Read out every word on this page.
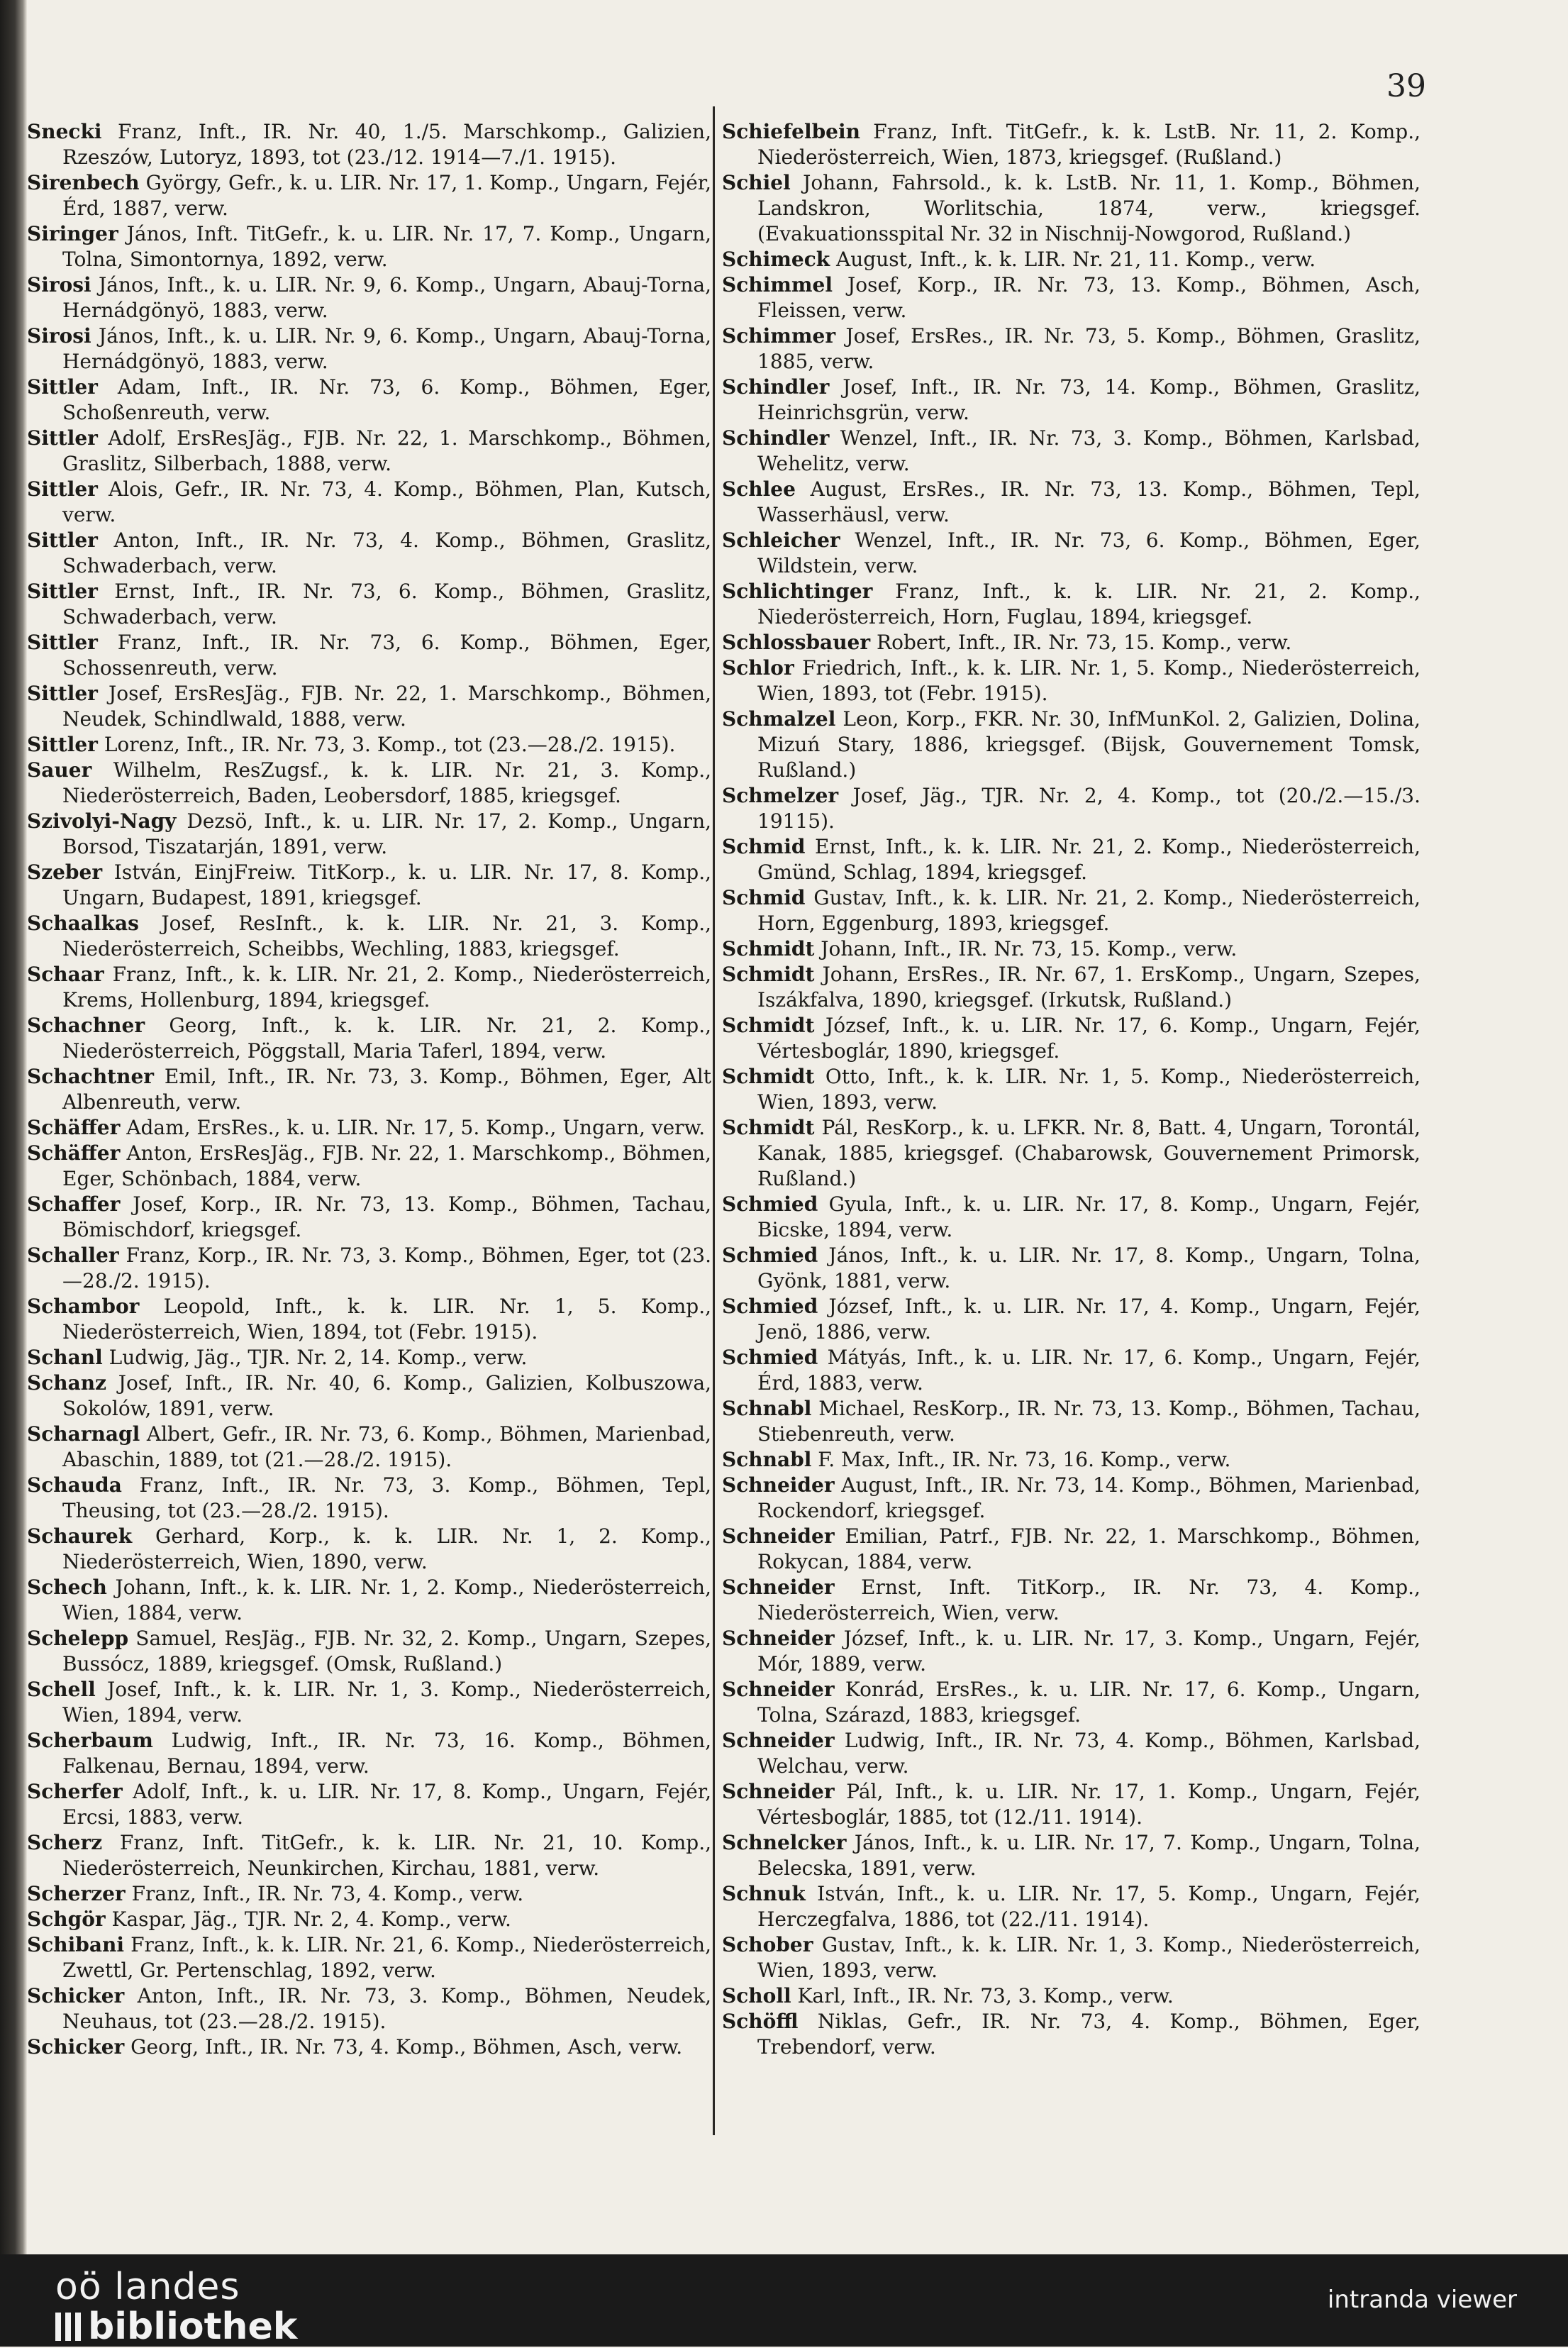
39
Snecki Franz, Inft., IR. Nr. 40, 1./5. Marschkomp., Galizien, Rzeszów, Lutoryz, 1893, tot (23./12. 1914—7./1. 1915).
Sirenbech György, Gefr., k. u. LIR. Nr. 17, 1. Komp., Ungarn, Fejér, Érd, 1887, verw.
Siringer János, Inft. TitGefr., k. u. LIR. Nr. 17, 7. Komp., Ungarn, Tolna, Simontornya, 1892, verw.
Sirosi János, Inft., k. u. LIR. Nr. 9, 6. Komp., Ungarn, Abauj-Torna, Hernádgönyö, 1883, verw.
Sirosi János, Inft., k. u. LIR. Nr. 9, 6. Komp., Ungarn, Abauj-Torna, Hernádgönyö, 1883, verw.
Sittler Adam, Inft., IR. Nr. 73, 6. Komp., Böhmen, Eger, Schoßenreuth, verw.
Sittler Adolf, ErsResJäg., FJB. Nr. 22, 1. Marschkomp., Böhmen, Graslitz, Silberbach, 1888, verw.
Sittler Alois, Gefr., IR. Nr. 73, 4. Komp., Böhmen, Plan, Kutsch, verw.
Sittler Anton, Inft., IR. Nr. 73, 4. Komp., Böhmen, Graslitz, Schwaderbach, verw.
Sittler Ernst, Inft., IR. Nr. 73, 6. Komp., Böhmen, Graslitz, Schwaderbach, verw.
Sittler Franz, Inft., IR. Nr. 73, 6. Komp., Böhmen, Eger, Schossenreuth, verw.
Sittler Josef, ErsResJäg., FJB. Nr. 22, 1. Marschkomp., Böhmen, Neudek, Schindlwald, 1888, verw.
Sittler Lorenz, Inft., IR. Nr. 73, 3. Komp., tot (23.—28./2. 1915).
Sauer Wilhelm, ResZugsf., k. k. LIR. Nr. 21, 3. Komp., Niederösterreich, Baden, Leobersdorf, 1885, kriegsgef.
Szivolyi-Nagy Dezsö, Inft., k. u. LIR. Nr. 17, 2. Komp., Ungarn, Borsod, Tiszatarján, 1891, verw.
Szeber István, EinjFreiw. TitKorp., k. u. LIR. Nr. 17, 8. Komp., Ungarn, Budapest, 1891, kriegsgef.
Schaalkas Josef, ResInft., k. k. LIR. Nr. 21, 3. Komp., Niederösterreich, Scheibbs, Wechling, 1883, kriegsgef.
Schaar Franz, Inft., k. k. LIR. Nr. 21, 2. Komp., Niederösterreich, Krems, Hollenburg, 1894, kriegsgef.
Schachner Georg, Inft., k. k. LIR. Nr. 21, 2. Komp., Niederösterreich, Pöggstall, Maria Taferl, 1894, verw.
Schachtner Emil, Inft., IR. Nr. 73, 3. Komp., Böhmen, Eger, Alt Albenreuth, verw.
Schäffer Adam, ErsRes., k. u. LIR. Nr. 17, 5. Komp., Ungarn, verw.
Schäffer Anton, ErsResJäg., FJB. Nr. 22, 1. Marschkomp., Böhmen, Eger, Schönbach, 1884, verw.
Schaffer Josef, Korp., IR. Nr. 73, 13. Komp., Böhmen, Tachau, Bömischdorf, kriegsgef.
Schaller Franz, Korp., IR. Nr. 73, 3. Komp., Böhmen, Eger, tot (23.—28./2. 1915).
Schambor Leopold, Inft., k. k. LIR. Nr. 1, 5. Komp., Niederösterreich, Wien, 1894, tot (Febr. 1915).
Schanl Ludwig, Jäg., TJR. Nr. 2, 14. Komp., verw.
Schanz Josef, Inft., IR. Nr. 40, 6. Komp., Galizien, Kolbuszowa, Sokolów, 1891, verw.
Scharnagl Albert, Gefr., IR. Nr. 73, 6. Komp., Böhmen, Marienbad, Abaschin, 1889, tot (21.—28./2. 1915).
Schauda Franz, Inft., IR. Nr. 73, 3. Komp., Böhmen, Tepl, Theusing, tot (23.—28./2. 1915).
Schaurek Gerhard, Korp., k. k. LIR. Nr. 1, 2. Komp., Niederösterreich, Wien, 1890, verw.
Schech Johann, Inft., k. k. LIR. Nr. 1, 2. Komp., Niederösterreich, Wien, 1884, verw.
Schelepp Samuel, ResJäg., FJB. Nr. 32, 2. Komp., Ungarn, Szepes, Bussócz, 1889, kriegsgef. (Omsk, Rußland.)
Schell Josef, Inft., k. k. LIR. Nr. 1, 3. Komp., Niederösterreich, Wien, 1894, verw.
Scherbaum Ludwig, Inft., IR. Nr. 73, 16. Komp., Böhmen, Falkenau, Bernau, 1894, verw.
Scherfer Adolf, Inft., k. u. LIR. Nr. 17, 8. Komp., Ungarn, Fejér, Ercsi, 1883, verw.
Scherz Franz, Inft. TitGefr., k. k. LIR. Nr. 21, 10. Komp., Niederösterreich, Neunkirchen, Kirchau, 1881, verw.
Scherzer Franz, Inft., IR. Nr. 73, 4. Komp., verw.
Schgör Kaspar, Jäg., TJR. Nr. 2, 4. Komp., verw.
Schibani Franz, Inft., k. k. LIR. Nr. 21, 6. Komp., Niederösterreich, Zwettl, Gr. Pertenschlag, 1892, verw.
Schicker Anton, Inft., IR. Nr. 73, 3. Komp., Böhmen, Neudek, Neuhaus, tot (23.—28./2. 1915).
Schicker Georg, Inft., IR. Nr. 73, 4. Komp., Böhmen, Asch, verw.
Schiefelbein Franz, Inft. TitGefr., k. k. LstB. Nr. 11, 2. Komp., Niederösterreich, Wien, 1873, kriegsgef. (Rußland.)
Schiel Johann, Fahrsold., k. k. LstB. Nr. 11, 1. Komp., Böhmen, Landskron, Worlitschia, 1874, verw., kriegsgef. (Evakuationsspital Nr. 32 in Nischnij-Nowgorod, Rußland.)
Schimeck August, Inft., k. k. LIR. Nr. 21, 11. Komp., verw.
Schimmel Josef, Korp., IR. Nr. 73, 13. Komp., Böhmen, Asch, Fleissen, verw.
Schimmer Josef, ErsRes., IR. Nr. 73, 5. Komp., Böhmen, Graslitz, 1885, verw.
Schindler Josef, Inft., IR. Nr. 73, 14. Komp., Böhmen, Graslitz, Heinrichsgrün, verw.
Schindler Wenzel, Inft., IR. Nr. 73, 3. Komp., Böhmen, Karlsbad, Wehelitz, verw.
Schlee August, ErsRes., IR. Nr. 73, 13. Komp., Böhmen, Tepl, Wasserhäusl, verw.
Schleicher Wenzel, Inft., IR. Nr. 73, 6. Komp., Böhmen, Eger, Wildstein, verw.
Schlichtinger Franz, Inft., k. k. LIR. Nr. 21, 2. Komp., Niederösterreich, Horn, Fuglau, 1894, kriegsgef.
Schlossbauer Robert, Inft., IR. Nr. 73, 15. Komp., verw.
Schlor Friedrich, Inft., k. k. LIR. Nr. 1, 5. Komp., Niederösterreich, Wien, 1893, tot (Febr. 1915).
Schmalzel Leon, Korp., FKR. Nr. 30, InfMunKol. 2, Galizien, Dolina, Mizuń Stary, 1886, kriegsgef. (Bijsk, Gouvernement Tomsk, Rußland.)
Schmelzer Josef, Jäg., TJR. Nr. 2, 4. Komp., tot (20./2.—15./3. 19115).
Schmid Ernst, Inft., k. k. LIR. Nr. 21, 2. Komp., Niederösterreich, Gmünd, Schlag, 1894, kriegsgef.
Schmid Gustav, Inft., k. k. LIR. Nr. 21, 2. Komp., Niederösterreich, Horn, Eggenburg, 1893, kriegsgef.
Schmidt Johann, Inft., IR. Nr. 73, 15. Komp., verw.
Schmidt Johann, ErsRes., IR. Nr. 67, 1. ErsKomp., Ungarn, Szepes, Iszákfalva, 1890, kriegsgef. (Irkutsk, Rußland.)
Schmidt József, Inft., k. u. LIR. Nr. 17, 6. Komp., Ungarn, Fejér, Vértesboglár, 1890, kriegsgef.
Schmidt Otto, Inft., k. k. LIR. Nr. 1, 5. Komp., Niederösterreich, Wien, 1893, verw.
Schmidt Pál, ResKorp., k. u. LFKR. Nr. 8, Batt. 4, Ungarn, Torontál, Kanak, 1885, kriegsgef. (Chabarowsk, Gouvernement Primorsk, Rußland.)
Schmied Gyula, Inft., k. u. LIR. Nr. 17, 8. Komp., Ungarn, Fejér, Bicske, 1894, verw.
Schmied János, Inft., k. u. LIR. Nr. 17, 8. Komp., Ungarn, Tolna, Gyönk, 1881, verw.
Schmied József, Inft., k. u. LIR. Nr. 17, 4. Komp., Ungarn, Fejér, Jenö, 1886, verw.
Schmied Mátyás, Inft., k. u. LIR. Nr. 17, 6. Komp., Ungarn, Fejér, Érd, 1883, verw.
Schnabl Michael, ResKorp., IR. Nr. 73, 13. Komp., Böhmen, Tachau, Stiebenreuth, verw.
Schnabl F. Max, Inft., IR. Nr. 73, 16. Komp., verw.
Schneider August, Inft., IR. Nr. 73, 14. Komp., Böhmen, Marienbad, Rockendorf, kriegsgef.
Schneider Emilian, Patrf., FJB. Nr. 22, 1. Marschkomp., Böhmen, Rokycan, 1884, verw.
Schneider Ernst, Inft. TitKorp., IR. Nr. 73, 4. Komp., Niederösterreich, Wien, verw.
Schneider József, Inft., k. u. LIR. Nr. 17, 3. Komp., Ungarn, Fejér, Mór, 1889, verw.
Schneider Konrád, ErsRes., k. u. LIR. Nr. 17, 6. Komp., Ungarn, Tolna, Szárazd, 1883, kriegsgef.
Schneider Ludwig, Inft., IR. Nr. 73, 4. Komp., Böhmen, Karlsbad, Welchau, verw.
Schneider Pál, Inft., k. u. LIR. Nr. 17, 1. Komp., Ungarn, Fejér, Vértesboglár, 1885, tot (12./11. 1914).
Schnelcker János, Inft., k. u. LIR. Nr. 17, 7. Komp., Ungarn, Tolna, Belecska, 1891, verw.
Schnuk István, Inft., k. u. LIR. Nr. 17, 5. Komp., Ungarn, Fejér, Herczegfalva, 1886, tot (22./11. 1914).
Schober Gustav, Inft., k. k. LIR. Nr. 1, 3. Komp., Niederösterreich, Wien, 1893, verw.
Scholl Karl, Inft., IR. Nr. 73, 3. Komp., verw.
Schöffl Niklas, Gefr., IR. Nr. 73, 4. Komp., Böhmen, Eger, Trebendorf, verw.
oö landes
bibliothek
intranda viewer
